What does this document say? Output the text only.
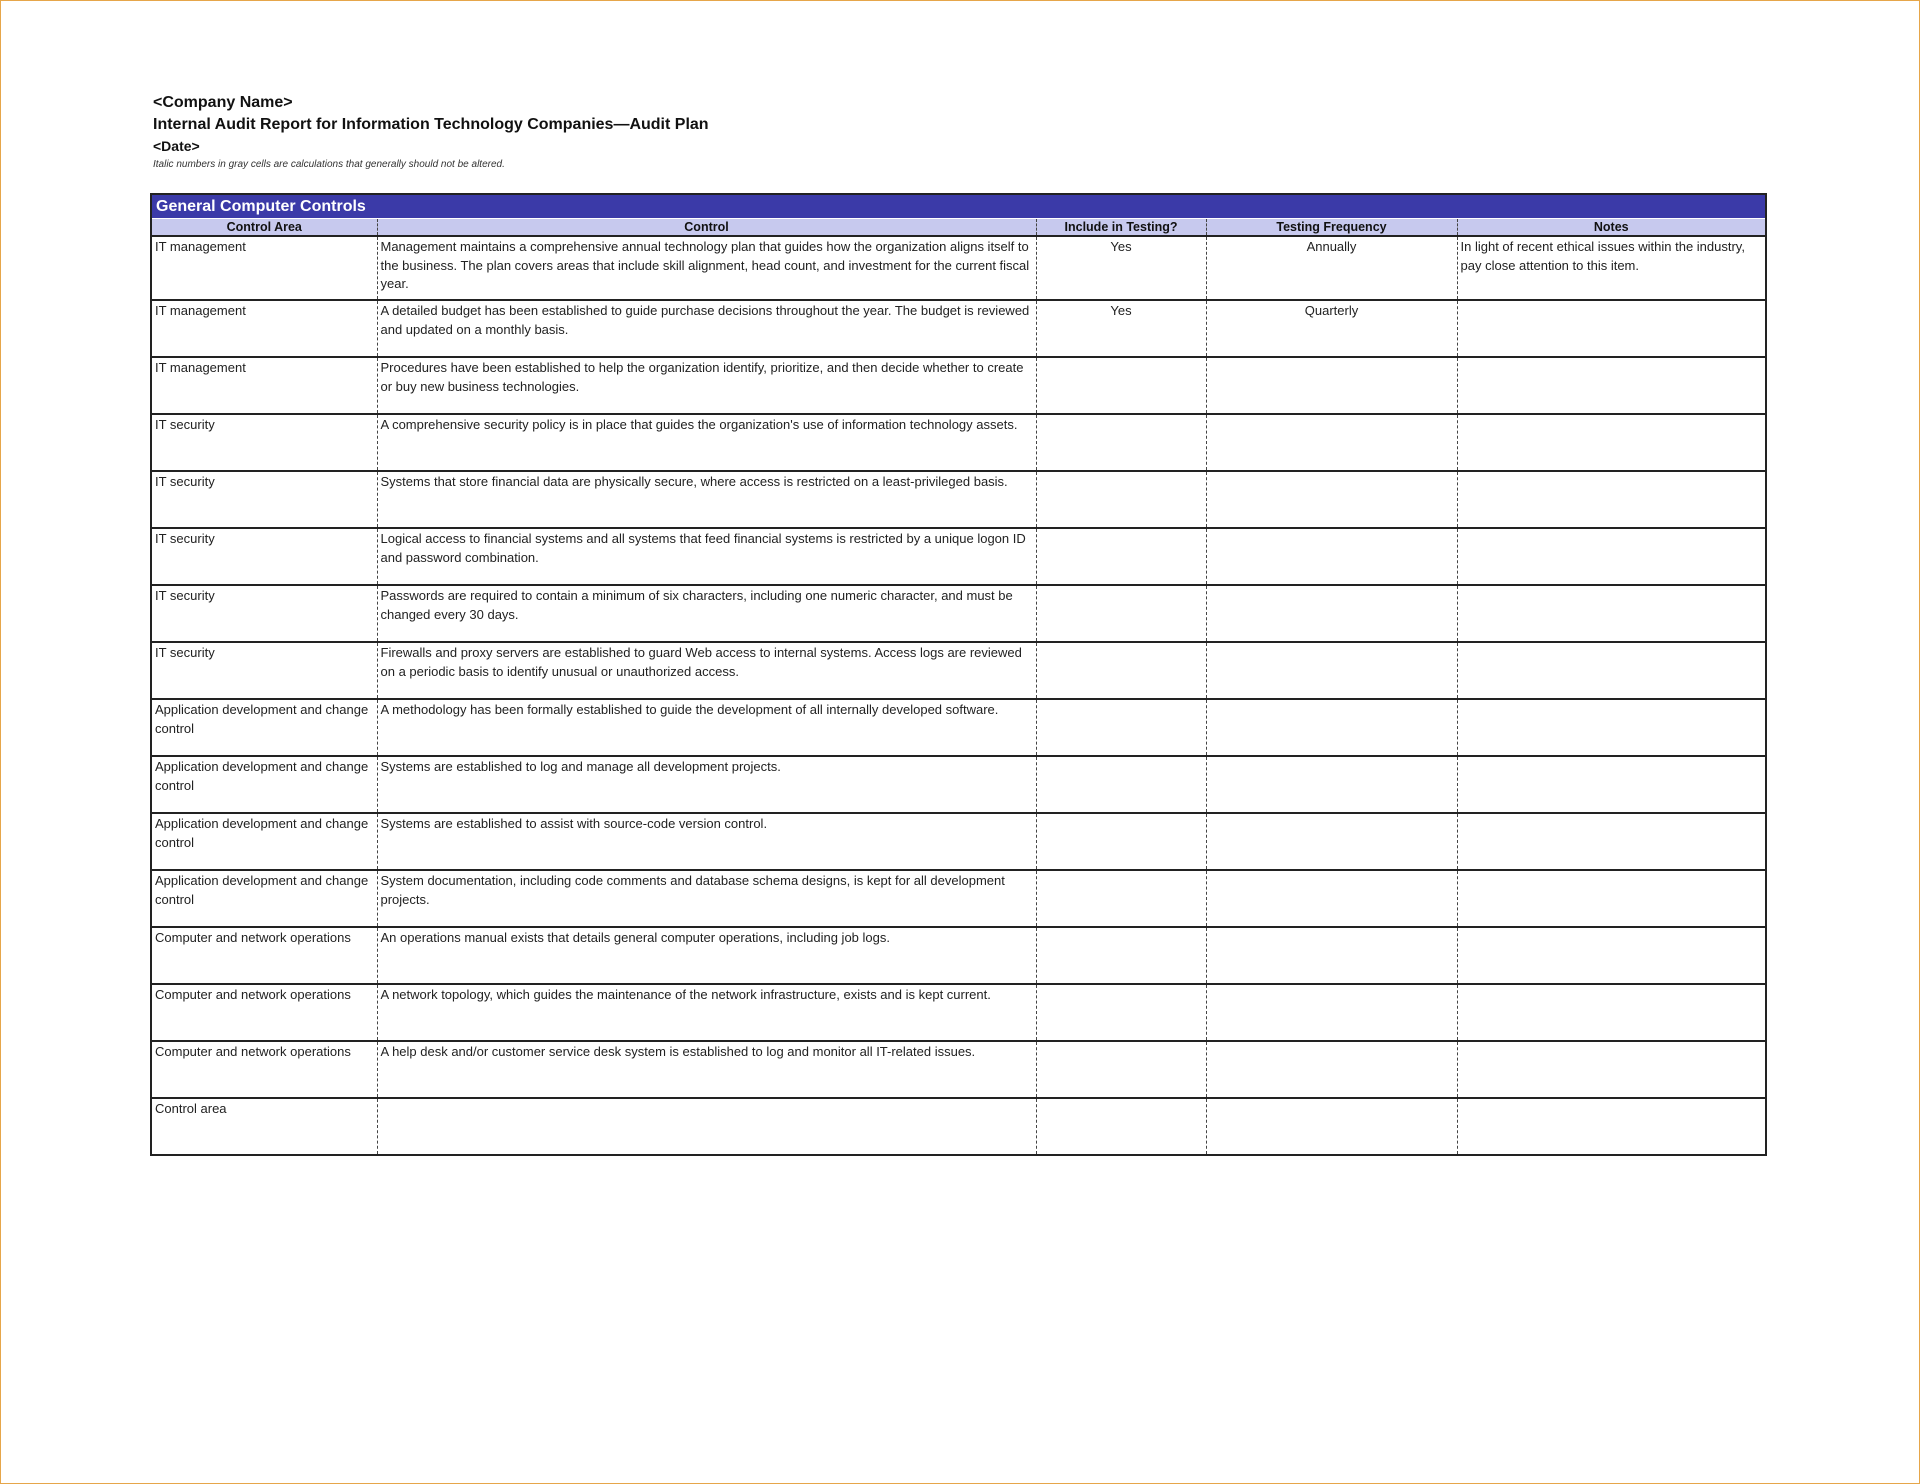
<Company Name>
Internal Audit Report for Information Technology Companies—Audit Plan
<Date>
Italic numbers in gray cells are calculations that generally should not be altered.
General Computer Controls
Control Area	Control	Include in Testing?	Testing Frequency	Notes
IT management	Management maintains a comprehensive annual technology plan that guides how the organization aligns itself to the business. The plan covers areas that include skill alignment, head count, and investment for the current fiscal year.	Yes	Annually	In light of recent ethical issues within the industry, pay close attention to this item.
IT management	A detailed budget has been established to guide purchase decisions throughout the year. The budget is reviewed and updated on a monthly basis.	Yes	Quarterly	
IT management	Procedures have been established to help the organization identify, prioritize, and then decide whether to create or buy new business technologies.			
IT security	A comprehensive security policy is in place that guides the organization's use of information technology assets.			
IT security	Systems that store financial data are physically secure, where access is restricted on a least-privileged basis.			
IT security	Logical access to financial systems and all systems that feed financial systems is restricted by a unique logon ID and password combination.			
IT security	Passwords are required to contain a minimum of six characters, including one numeric character, and must be changed every 30 days.			
IT security	Firewalls and proxy servers are established to guard Web access to internal systems. Access logs are reviewed on a periodic basis to identify unusual or unauthorized access.			
Application development and change control	A methodology has been formally established to guide the development of all internally developed software.			
Application development and change control	Systems are established to log and manage all development projects.			
Application development and change control	Systems are established to assist with source-code version control.			
Application development and change control	System documentation, including code comments and database schema designs, is kept for all development projects.			
Computer and network operations	An operations manual exists that details general computer operations, including job logs.			
Computer and network operations	A network topology, which guides the maintenance of the network infrastructure, exists and is kept current.			
Computer and network operations	A help desk and/or customer service desk system is established to log and monitor all IT-related issues.			
Control area				
